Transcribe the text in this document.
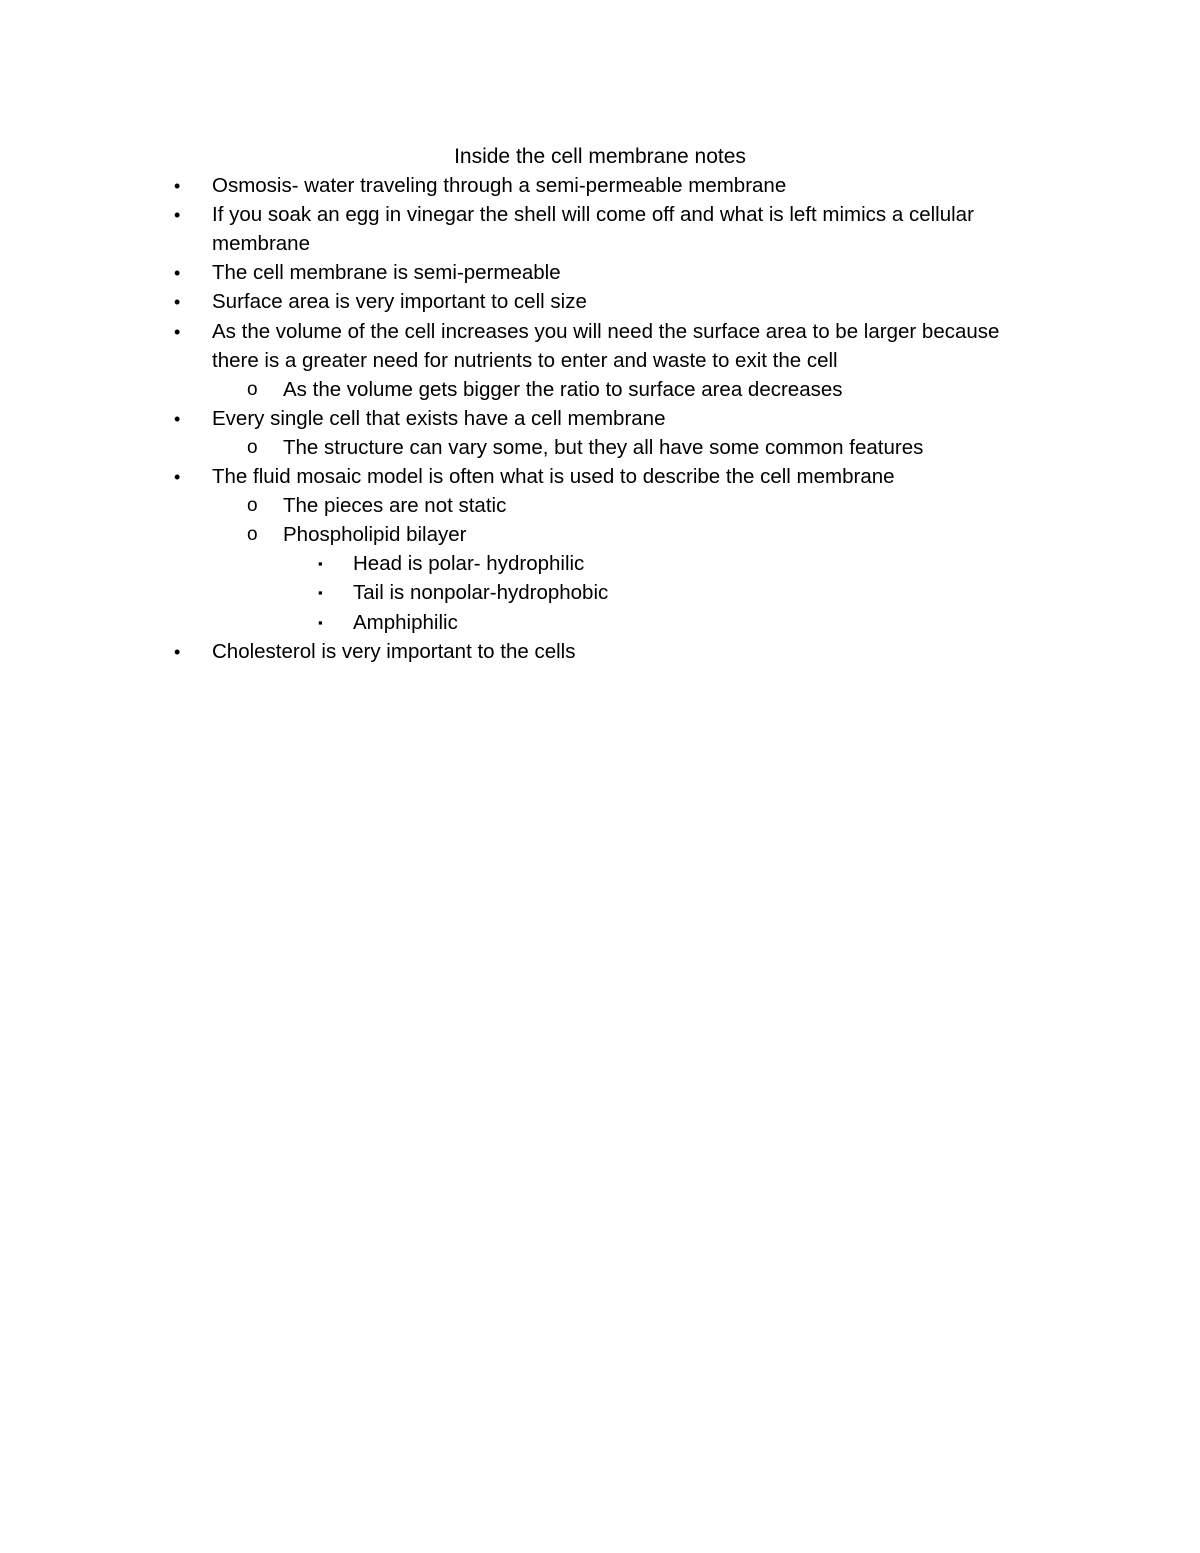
Inside the cell membrane notes
• Osmosis- water traveling through a semi-permeable membrane
• If you soak an egg in vinegar the shell will come off and what is left mimics a cellular
membrane
• The cell membrane is semi-permeable
• Surface area is very important to cell size
• As the volume of the cell increases you will need the surface area to be larger because
there is a greater need for nutrients to enter and waste to exit the cell
o As the volume gets bigger the ratio to surface area decreases
• Every single cell that exists have a cell membrane
o The structure can vary some, but they all have some common features
• The fluid mosaic model is often what is used to describe the cell membrane
o The pieces are not static
o Phospholipid bilayer
▪ Head is polar- hydrophilic
▪ Tail is nonpolar-hydrophobic
▪ Amphiphilic
• Cholesterol is very important to the cells
